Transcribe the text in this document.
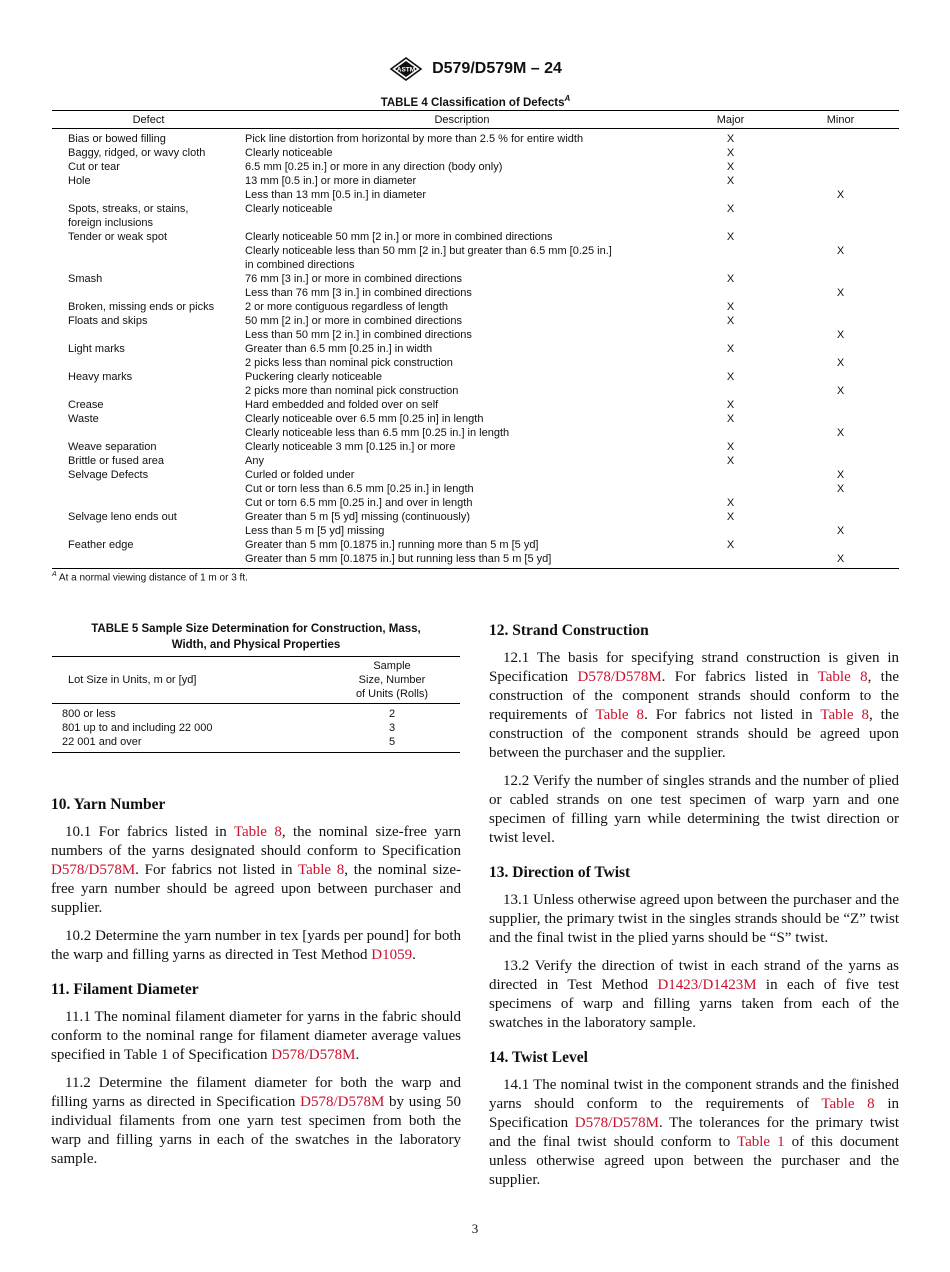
ASTM D579/D579M – 24
TABLE 4 Classification of Defects$^A$
Defect	Description	Major	Minor
Bias or bowed filling	Pick line distortion from horizontal by more than 2.5 % for entire width	X	
Baggy, ridged, or wavy cloth	Clearly noticeable	X	
Cut or tear	6.5 mm [0.25 in.] or more in any direction (body only)	X	
Hole	13 mm [0.5 in.] or more in diameter	X	
	Less than 13 mm [0.5 in.] in diameter		X
Spots, streaks, or stains,	Clearly noticeable	X	
foreign inclusions			
Tender or weak spot	Clearly noticeable 50 mm [2 in.] or more in combined directions	X	
	Clearly noticeable less than 50 mm [2 in.] but greater than 6.5 mm [0.25 in.]		X
	in combined directions		
Smash	76 mm [3 in.] or more in combined directions	X	
	Less than 76 mm [3 in.] in combined directions		X
Broken, missing ends or picks	2 or more contiguous regardless of length	X	
Floats and skips	50 mm [2 in.] or more in combined directions	X	
	Less than 50 mm [2 in.] in combined directions		X
Light marks	Greater than 6.5 mm [0.25 in.] in width	X	
	2 picks less than nominal pick construction		X
Heavy marks	Puckering clearly noticeable	X	
	2 picks more than nominal pick construction		X
Crease	Hard embedded and folded over on self	X	
Waste	Clearly noticeable over 6.5 mm [0.25 in] in length	X	
	Clearly noticeable less than 6.5 mm [0.25 in.] in length		X
Weave separation	Clearly noticeable 3 mm [0.125 in.] or more	X	
Brittle or fused area	Any	X	
Selvage Defects	Curled or folded under		X
	Cut or torn less than 6.5 mm [0.25 in.] in length		X
	Cut or torn 6.5 mm [0.25 in.] and over in length	X	
Selvage leno ends out	Greater than 5 m [5 yd] missing (continuously)	X	
	Less than 5 m [5 yd] missing		X
Feather edge	Greater than 5 mm [0.1875 in.] running more than 5 m [5 yd]	X	
	Greater than 5 mm [0.1875 in.] but running less than 5 m [5 yd]		X
$^A$ At a normal viewing distance of 1 m or 3 ft.
TABLE 5 Sample Size Determination for Construction, Mass,
Width, and Physical Properties
Lot Size in Units, m or [yd]	Sample
Size, Number
of Units (Rolls)

800 or less	2
801 up to and including 22 000	3
22 001 and over	5
10. Yarn Number

10.1 For fabrics listed in Table 8, the nominal size-free yarn numbers of the yarns designated should conform to Specification D578/D578M. For fabrics not listed in Table 8, the nominal size-free yarn number should be agreed upon between purchaser and supplier.

10.2 Determine the yarn number in tex [yards per pound] for both the warp and filling yarns as directed in Test Method D1059.

11. Filament Diameter

11.1 The nominal filament diameter for yarns in the fabric should conform to the nominal range for filament diameter average values specified in Table 1 of Specification D578/D578M.

11.2 Determine the filament diameter for both the warp and filling yarns as directed in Specification D578/D578M by using 50 individual filaments from one yarn test specimen from both the warp and filling yarns in each of the swatches in the laboratory sample.

12. Strand Construction

12.1 The basis for specifying strand construction is given in Specification D578/D578M. For fabrics listed in Table 8, the construction of the component strands should conform to the requirements of Table 8. For fabrics not listed in Table 8, the construction of the component strands should be agreed upon between the purchaser and the supplier.

12.2 Verify the number of singles strands and the number of plied or cabled strands on one test specimen of warp yarn and one specimen of filling yarn while determining the twist direction or twist level.

13. Direction of Twist

13.1 Unless otherwise agreed upon between the purchaser and the supplier, the primary twist in the singles strands should be “Z” twist and the final twist in the plied yarns should be “S” twist.

13.2 Verify the direction of twist in each strand of the yarns as directed in Test Method D1423/D1423M in each of five test specimens of warp and filling yarns taken from each of the swatches in the laboratory sample.

14. Twist Level

14.1 The nominal twist in the component strands and the finished yarns should conform to the requirements of Table 8 in Specification D578/D578M. The tolerances for the primary twist and the final twist should conform to Table 1 of this document unless otherwise agreed upon between the purchaser and the supplier.

3
